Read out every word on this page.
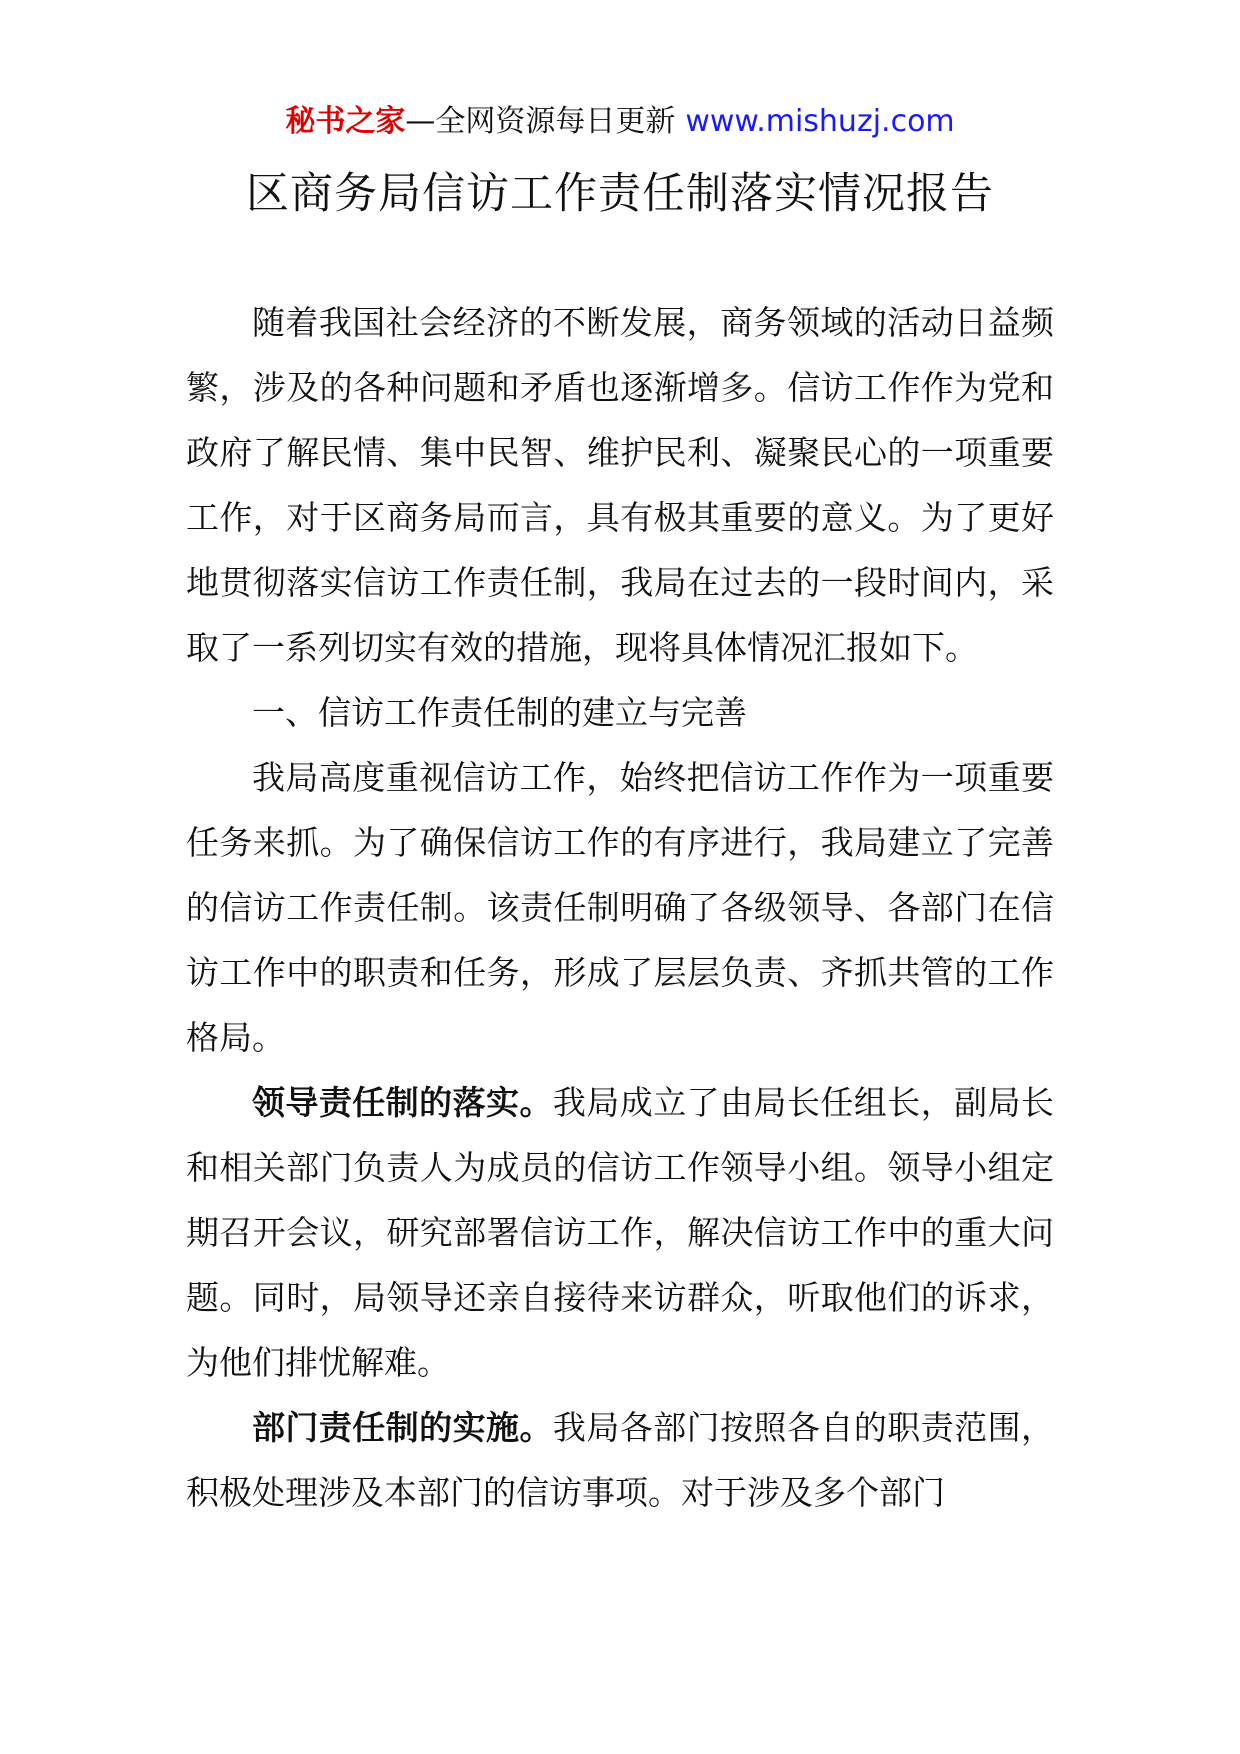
秘书之家—全网资源每日更新 www.mishuzj.com
区商务局信访工作责任制落实情况报告

随着我国社会经济的不断发展，商务领域的活动日益频繁，涉及的各种问题和矛盾也逐渐增多。信访工作作为党和政府了解民情、集中民智、维护民利、凝聚民心的一项重要工作，对于区商务局而言，具有极其重要的意义。为了更好地贯彻落实信访工作责任制，我局在过去的一段时间内，采取了一系列切实有效的措施，现将具体情况汇报如下。

一、信访工作责任制的建立与完善

我局高度重视信访工作，始终把信访工作作为一项重要任务来抓。为了确保信访工作的有序进行，我局建立了完善的信访工作责任制。该责任制明确了各级领导、各部门在信访工作中的职责和任务，形成了层层负责、齐抓共管的工作格局。

领导责任制的落实。我局成立了由局长任组长，副局长和相关部门负责人为成员的信访工作领导小组。领导小组定期召开会议，研究部署信访工作，解决信访工作中的重大问题。同时，局领导还亲自接待来访群众，听取他们的诉求，为他们排忧解难。

部门责任制的实施。我局各部门按照各自的职责范围，积极处理涉及本部门的信访事项。对于涉及多个部门
